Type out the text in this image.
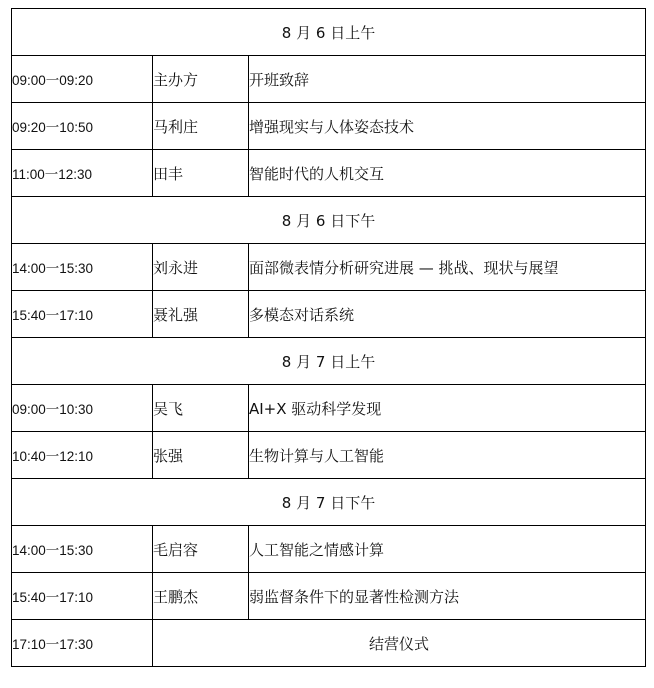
8 月 6 日上午		
09:00一09:20	主办方	开班致辞
09:20一10:50	马利庄	增强现实与人体姿态技术
11:00一12:30	田丰	智能时代的人机交互
8 月 6 日下午		
14:00一15:30	刘永进	面部微表情分析研究进展 — 挑战、现状与展望
15:40一17:10	聂礼强	多模态对话系统
8 月 7 日上午		
09:00一10:30	吴飞	AI+X 驱动科学发现
10:40一12:10	张强	生物计算与人工智能
8 月 7 日下午		
14:00一15:30	毛启容	人工智能之情感计算
15:40一17:10	王鹏杰	弱监督条件下的显著性检测方法
17:10一17:30	结营仪式	
